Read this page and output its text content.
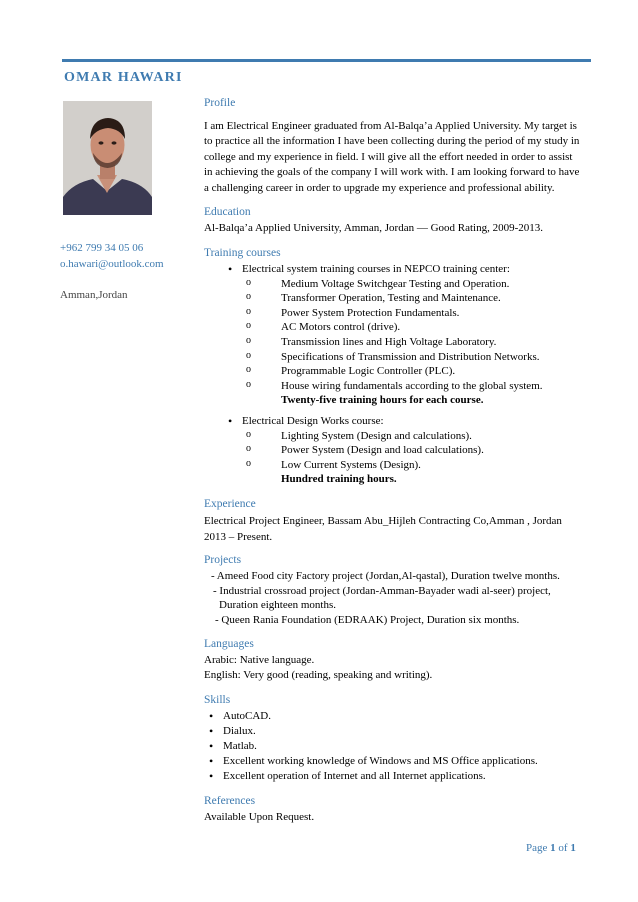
OMAR HAWARI
+962 799 34 05 06
o.hawari@outlook.com
Amman,Jordan
Profile
I am Electrical Engineer graduated from Al-Balqa’a Applied University. My target is to practice all the information I have been collecting during the period of my study in college and my experience in field. I will give all the effort needed in order to assist in achieving the goals of the company I will work with. I am looking forward to have a challenging career in order to upgrade my experience and professional ability.
Education
Al-Balqa’a Applied University, Amman, Jordan — Good Rating, 2009-2013.
Training courses
• Electrical system training courses in NEPCO training center:
o Medium Voltage Switchgear Testing and Operation.
o Transformer Operation, Testing and Maintenance.
o Power System Protection Fundamentals.
o AC Motors control (drive).
o Transmission lines and High Voltage Laboratory.
o Specifications of Transmission and Distribution Networks.
o Programmable Logic Controller (PLC).
o House wiring fundamentals according to the global system.
Twenty-five training hours for each course.
• Electrical Design Works course:
o Lighting System (Design and calculations).
o Power System (Design and load calculations).
o Low Current Systems (Design).
Hundred training hours.
Experience
Electrical Project Engineer, Bassam Abu_Hijleh Contracting Co,Amman , Jordan 2013 – Present.
Projects
- Ameed Food city Factory project (Jordan,Al-qastal), Duration twelve months.
- Industrial crossroad project (Jordan-Amman-Bayader wadi al-seer) project,
Duration eighteen months.
- Queen Rania Foundation (EDRAAK) Project, Duration six months.
Languages
Arabic: Native language.
English: Very good (reading, speaking and writing).
Skills
• AutoCAD.
• Dialux.
• Matlab.
• Excellent working knowledge of Windows and MS Office applications.
• Excellent operation of Internet and all Internet applications.
References
Available Upon Request.
Page 1 of 1
